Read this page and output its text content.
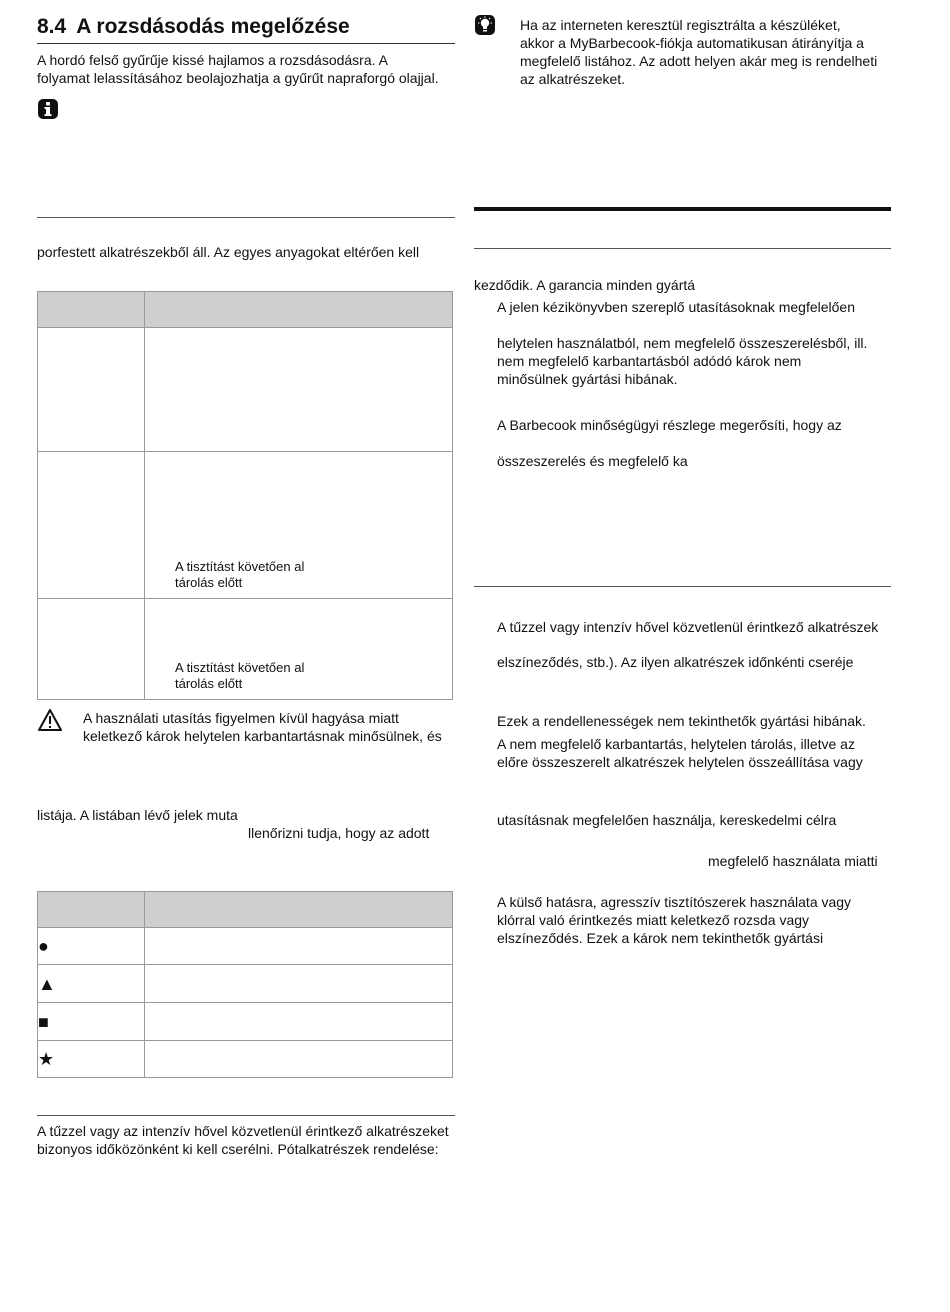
8.4 A rozsdásodás megelőzése
A hordó felső gyűrűje kissé hajlamos a rozsdásodásra. A
folyamat lelassításához beolajozhatja a gyűrűt napraforgó olajjal.
porfestett alkatrészekből áll. Az egyes anyagokat eltérően kell

	A tisztítást követően al
tárolás előtt

	A tisztítást követően al
tárolás előtt
A használati utasítás figyelmen kívül hagyása miatt
keletkező károk helytelen karbantartásnak minősülnek, és
listája. A listában lévő jelek muta
llenőrizni tudja, hogy az adott

●	
▲	
■	
★	
A tűzzel vagy az intenzív hővel közvetlenül érintkező alkatrészeket
bizonyos időközönként ki kell cserélni. Pótalkatrészek rendelése:
Ha az interneten keresztül regisztrálta a készüléket,
akkor a MyBarbecook-fiókja automatikusan átirányítja a
megfelelő listához. Az adott helyen akár meg is rendelheti
az alkatrészeket.
kezdődik. A garancia minden gyártá
A jelen kézikönyvben szereplő utasításoknak megfelelően
helytelen használatból, nem megfelelő összeszerelésből, ill.
nem megfelelő karbantartásból adódó károk nem
minősülnek gyártási hibának.
A Barbecook minőségügyi részlege megerősíti, hogy az
összeszerelés és megfelelő ka
A tűzzel vagy intenzív hővel közvetlenül érintkező alkatrészek
elszíneződés, stb.). Az ilyen alkatrészek időnkénti cseréje
Ezek a rendellenességek nem tekinthetők gyártási hibának.
A nem megfelelő karbantartás, helytelen tárolás, illetve az
előre összeszerelt alkatrészek helytelen összeállítása vagy
utasításnak megfelelően használja, kereskedelmi célra
megfelelő használata miatti
A külső hatásra, agresszív tisztítószerek használata vagy
klórral való érintkezés miatt keletkező rozsda vagy
elszíneződés. Ezek a károk nem tekinthetők gyártási
